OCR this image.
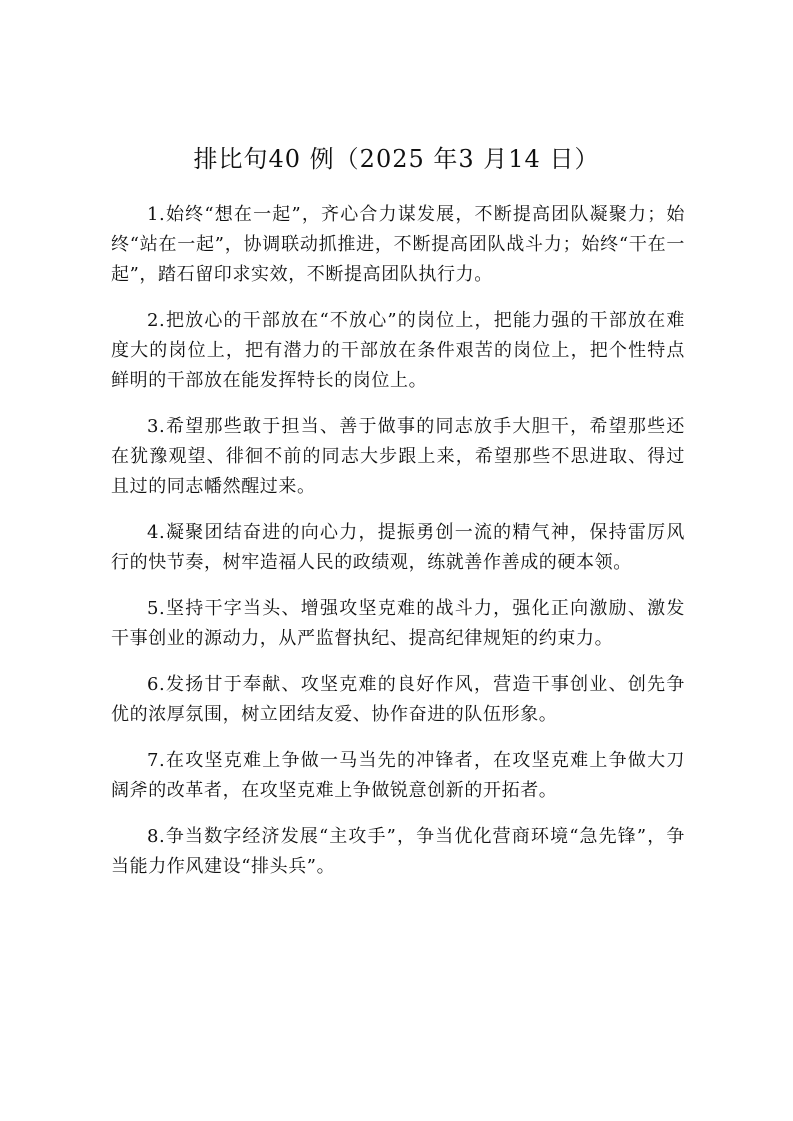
排比句40 例（2025 年3 月14 日）

1.始终“想在一起”，齐心合力谋发展，不断提高团队凝聚力；始终“站在一起”，协调联动抓推进，不断提高团队战斗力；始终“干在一起”，踏石留印求实效，不断提高团队执行力。

2.把放心的干部放在“不放心”的岗位上，把能力强的干部放在难度大的岗位上，把有潜力的干部放在条件艰苦的岗位上，把个性特点鲜明的干部放在能发挥特长的岗位上。

3.希望那些敢于担当、善于做事的同志放手大胆干，希望那些还在犹豫观望、徘徊不前的同志大步跟上来，希望那些不思进取、得过且过的同志幡然醒过来。

4.凝聚团结奋进的向心力，提振勇创一流的精气神，保持雷厉风行的快节奏，树牢造福人民的政绩观，练就善作善成的硬本领。

5.坚持干字当头、增强攻坚克难的战斗力，强化正向激励、激发干事创业的源动力，从严监督执纪、提高纪律规矩的约束力。

6.发扬甘于奉献、攻坚克难的良好作风，营造干事创业、创先争优的浓厚氛围，树立团结友爱、协作奋进的队伍形象。

7.在攻坚克难上争做一马当先的冲锋者，在攻坚克难上争做大刀阔斧的改革者，在攻坚克难上争做锐意创新的开拓者。

8.争当数字经济发展“主攻手”，争当优化营商环境“急先锋”，争当能力作风建设“排头兵”。
